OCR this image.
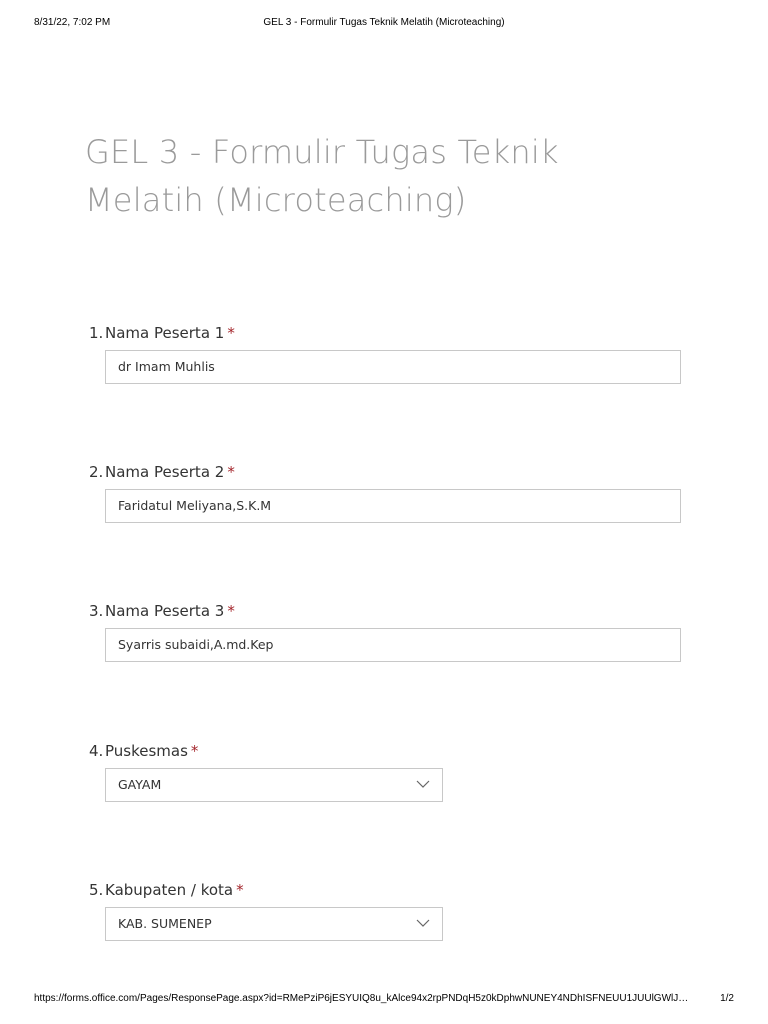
8/31/22, 7:02 PM	GEL 3 - Formulir Tugas Teknik Melatih (Microteaching)
GEL 3 - Formulir Tugas Teknik Melatih (Microteaching)
1. Nama Peserta 1 *
dr Imam Muhlis
2. Nama Peserta 2 *
Faridatul Meliyana,S.K.M
3. Nama Peserta 3 *
Syarris subaidi,A.md.Kep
4. Puskesmas *
GAYAM
5. Kabupaten / kota *
KAB. SUMENEP
https://forms.office.com/Pages/ResponsePage.aspx?id=RMePziP6jESYUIQ8u_kAlce94x2rpPNDqH5z0kDphwNUNEY4NDhISFNEUU1JUUlGWlJ…	1/2
